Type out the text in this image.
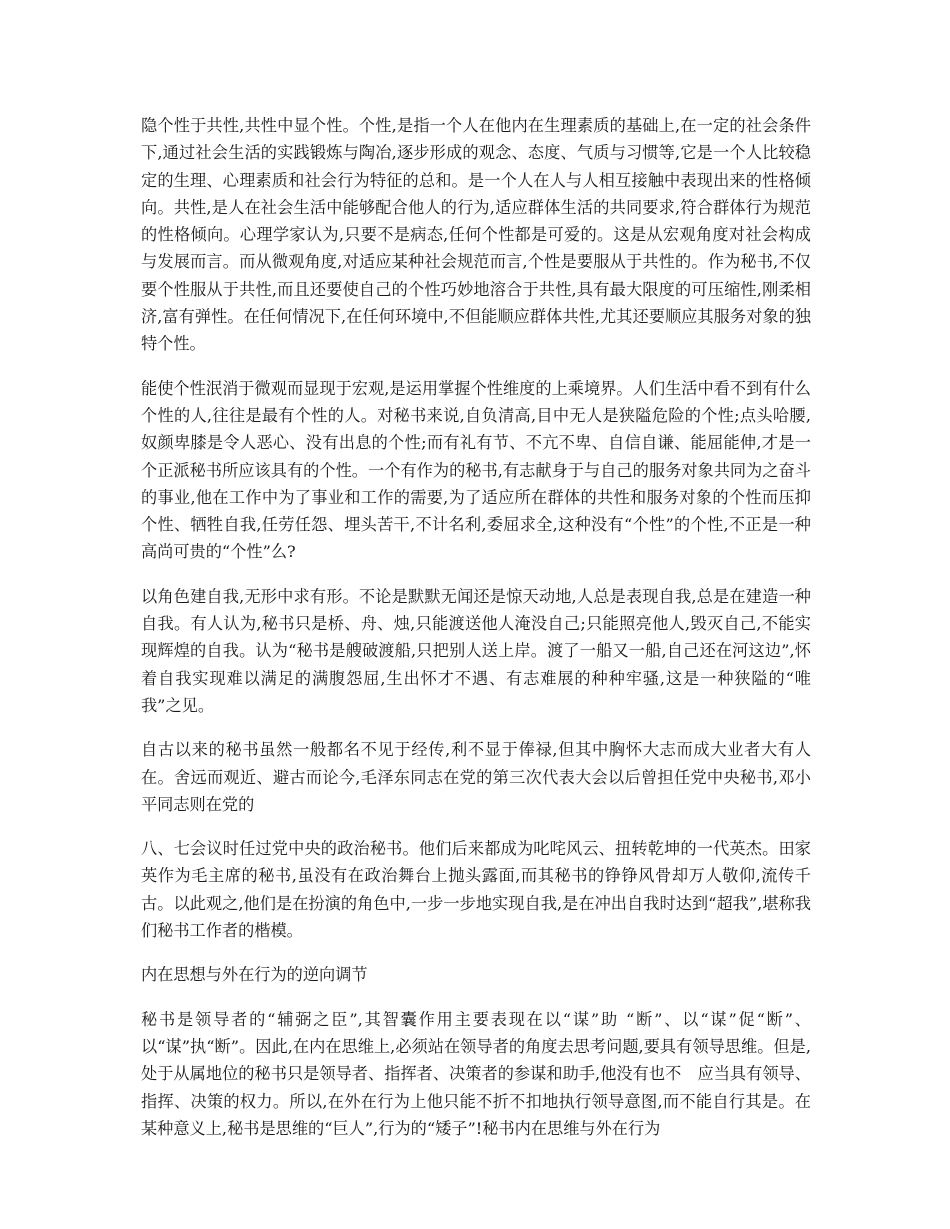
隐个性于共性,共性中显个性。个性,是指一个人在他内在生理素质的基础上,在一定的社会条件下,通过社会生活的实践锻炼与陶冶,逐步形成的观念、态度、气质与习惯等,它是一个人比较稳定的生理、心理素质和社会行为特征的总和。是一个人在人与人相互接触中表现出来的性格倾向。共性,是人在社会生活中能够配合他人的行为,适应群体生活的共同要求,符合群体行为规范的性格倾向。心理学家认为,只要不是病态,任何个性都是可爱的。这是从宏观角度对社会构成与发展而言。而从微观角度,对适应某种社会规范而言,个性是要服从于共性的。作为秘书,不仅要个性服从于共性,而且还要使自己的个性巧妙地溶合于共性,具有最大限度的可压缩性,刚柔相济,富有弹性。在任何情况下,在任何环境中,不但能顺应群体共性,尤其还要顺应其服务对象的独特个性。

能使个性泯消于微观而显现于宏观,是运用掌握个性维度的上乘境界。人们生活中看不到有什么个性的人,往往是最有个性的人。对秘书来说,自负清高,目中无人是狭隘危险的个性;点头哈腰,奴颜卑膝是令人恶心、没有出息的个性;而有礼有节、不亢不卑、自信自谦、能屈能伸,才是一个正派秘书所应该具有的个性。一个有作为的秘书,有志献身于与自己的服务对象共同为之奋斗的事业,他在工作中为了事业和工作的需要,为了适应所在群体的共性和服务对象的个性而压抑个性、牺牲自我,任劳任怨、埋头苦干,不计名利,委屈求全,这种没有“个性”的个性,不正是一种高尚可贵的“个性”么?

以角色建自我,无形中求有形。不论是默默无闻还是惊天动地,人总是表现自我,总是在建造一种自我。有人认为,秘书只是桥、舟、烛,只能渡送他人淹没自己;只能照亮他人,毁灭自己,不能实现辉煌的自我。认为“秘书是艘破渡船,只把别人送上岸。渡了一船又一船,自己还在河这边”,怀着自我实现难以满足的满腹怨屈,生出怀才不遇、有志难展的种种牢骚,这是一种狭隘的“唯我”之见。

自古以来的秘书虽然一般都名不见于经传,利不显于俸禄,但其中胸怀大志而成大业者大有人在。舍远而观近、避古而论今,毛泽东同志在党的第三次代表大会以后曾担任党中央秘书,邓小平同志则在党的

八、七会议时任过党中央的政治秘书。他们后来都成为叱咤风云、扭转乾坤的一代英杰。田家英作为毛主席的秘书,虽没有在政治舞台上抛头露面,而其秘书的铮铮风骨却万人敬仰,流传千古。以此观之,他们是在扮演的角色中,一步一步地实现自我,是在冲出自我时达到“超我”,堪称我们秘书工作者的楷模。

内在思想与外在行为的逆向调节

秘书是领导者的“辅弼之臣”,其智囊作用主要表现在以“谋”助 “断”、以“谋”促“断”、以“谋”执“断”。因此,在内在思维上,必须站在领导者的角度去思考问题,要具有领导思维。但是,处于从属地位的秘书只是领导者、指挥者、决策者的参谋和助手,他没有也不　应当具有领导、指挥、决策的权力。所以,在外在行为上他只能不折不扣地执行领导意图,而不能自行其是。在某种意义上,秘书是思维的“巨人”,行为的“矮子”!秘书内在思维与外在行为
